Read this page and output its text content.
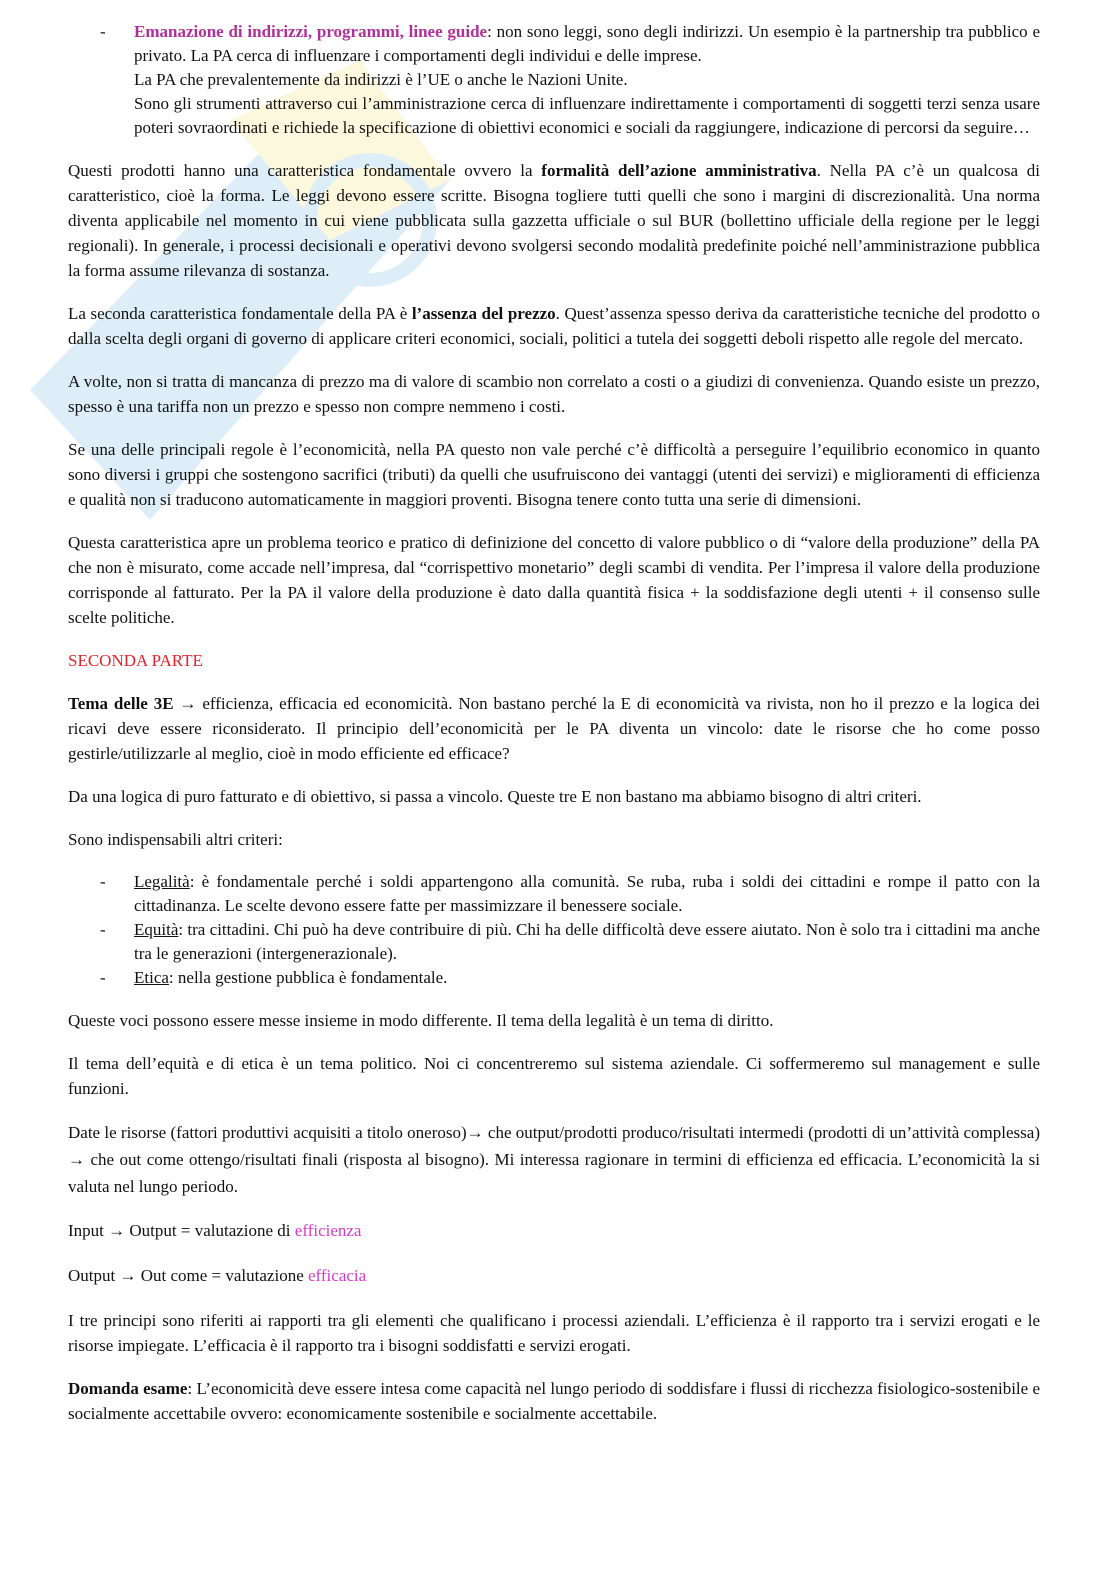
- Emanazione di indirizzi, programmi, linee guide: non sono leggi, sono degli indirizzi. Un esempio è la partnership tra pubblico e privato. La PA cerca di influenzare i comportamenti degli individui e delle imprese.
La PA che prevalentemente da indirizzi è l’UE o anche le Nazioni Unite.
Sono gli strumenti attraverso cui l’amministrazione cerca di influenzare indirettamente i comportamenti di soggetti terzi senza usare poteri sovraordinati e richiede la specificazione di obiettivi economici e sociali da raggiungere, indicazione di percorsi da seguire…

Questi prodotti hanno una caratteristica fondamentale ovvero la formalità dell’azione amministrativa. Nella PA c’è un qualcosa di caratteristico, cioè la forma. Le leggi devono essere scritte. Bisogna togliere tutti quelli che sono i margini di discrezionalità. Una norma diventa applicabile nel momento in cui viene pubblicata sulla gazzetta ufficiale o sul BUR (bollettino ufficiale della regione per le leggi regionali). In generale, i processi decisionali e operativi devono svolgersi secondo modalità predefinite poiché nell’amministrazione pubblica la forma assume rilevanza di sostanza.

La seconda caratteristica fondamentale della PA è l’assenza del prezzo. Quest’assenza spesso deriva da caratteristiche tecniche del prodotto o dalla scelta degli organi di governo di applicare criteri economici, sociali, politici a tutela dei soggetti deboli rispetto alle regole del mercato.

A volte, non si tratta di mancanza di prezzo ma di valore di scambio non correlato a costi o a giudizi di convenienza. Quando esiste un prezzo, spesso è una tariffa non un prezzo e spesso non compre nemmeno i costi.

Se una delle principali regole è l’economicità, nella PA questo non vale perché c’è difficoltà a perseguire l’equilibrio economico in quanto sono diversi i gruppi che sostengono sacrifici (tributi) da quelli che usufruiscono dei vantaggi (utenti dei servizi) e miglioramenti di efficienza e qualità non si traducono automaticamente in maggiori proventi. Bisogna tenere conto tutta una serie di dimensioni.

Questa caratteristica apre un problema teorico e pratico di definizione del concetto di valore pubblico o di “valore della produzione” della PA che non è misurato, come accade nell’impresa, dal “corrispettivo monetario” degli scambi di vendita. Per l’impresa il valore della produzione corrisponde al fatturato. Per la PA il valore della produzione è dato dalla quantità fisica + la soddisfazione degli utenti + il consenso sulle scelte politiche.

SECONDA PARTE

Tema delle 3E → efficienza, efficacia ed economicità. Non bastano perché la E di economicità va rivista, non ho il prezzo e la logica dei ricavi deve essere riconsiderato. Il principio dell’economicità per le PA diventa un vincolo: date le risorse che ho come posso gestirle/utilizzarle al meglio, cioè in modo efficiente ed efficace?

Da una logica di puro fatturato e di obiettivo, si passa a vincolo. Queste tre E non bastano ma abbiamo bisogno di altri criteri.

Sono indispensabili altri criteri:

- Legalità: è fondamentale perché i soldi appartengono alla comunità. Se ruba, ruba i soldi dei cittadini e rompe il patto con la cittadinanza. Le scelte devono essere fatte per massimizzare il benessere sociale.
- Equità: tra cittadini. Chi può ha deve contribuire di più. Chi ha delle difficoltà deve essere aiutato. Non è solo tra i cittadini ma anche tra le generazioni (intergenerazionale).
- Etica: nella gestione pubblica è fondamentale.

Queste voci possono essere messe insieme in modo differente. Il tema della legalità è un tema di diritto.

Il tema dell’equità e di etica è un tema politico. Noi ci concentreremo sul sistema aziendale. Ci soffermeremo sul management e sulle funzioni.

Date le risorse (fattori produttivi acquisiti a titolo oneroso)→ che output/prodotti produco/risultati intermedi (prodotti di un’attività complessa) → che out come ottengo/risultati finali (risposta al bisogno). Mi interessa ragionare in termini di efficienza ed efficacia. L’economicità la si valuta nel lungo periodo.

Input → Output = valutazione di efficienza

Output → Out come = valutazione efficacia

I tre principi sono riferiti ai rapporti tra gli elementi che qualificano i processi aziendali. L’efficienza è il rapporto tra i servizi erogati e le risorse impiegate. L’efficacia è il rapporto tra i bisogni soddisfatti e servizi erogati.

Domanda esame: L’economicità deve essere intesa come capacità nel lungo periodo di soddisfare i flussi di ricchezza fisiologico-sostenibile e socialmente accettabile ovvero: economicamente sostenibile e socialmente accettabile.
